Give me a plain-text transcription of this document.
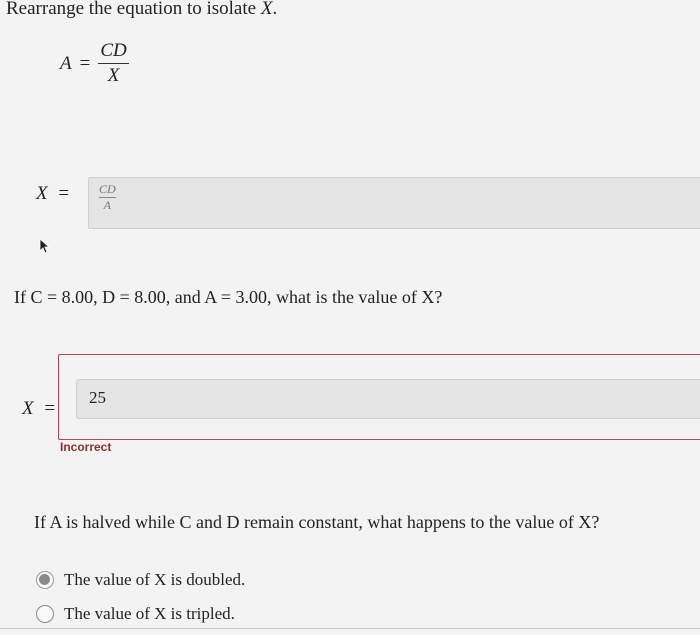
Rearrange the equation to isolate X.
$A = \frac{CD}{X}$
X = CD
A
If C = 8.00, D = 8.00, and A = 3.00, what is the value of X?
X =
25
Incorrect
If A is halved while C and D remain constant, what happens to the value of X?
The value of X is doubled.
The value of X is tripled.
